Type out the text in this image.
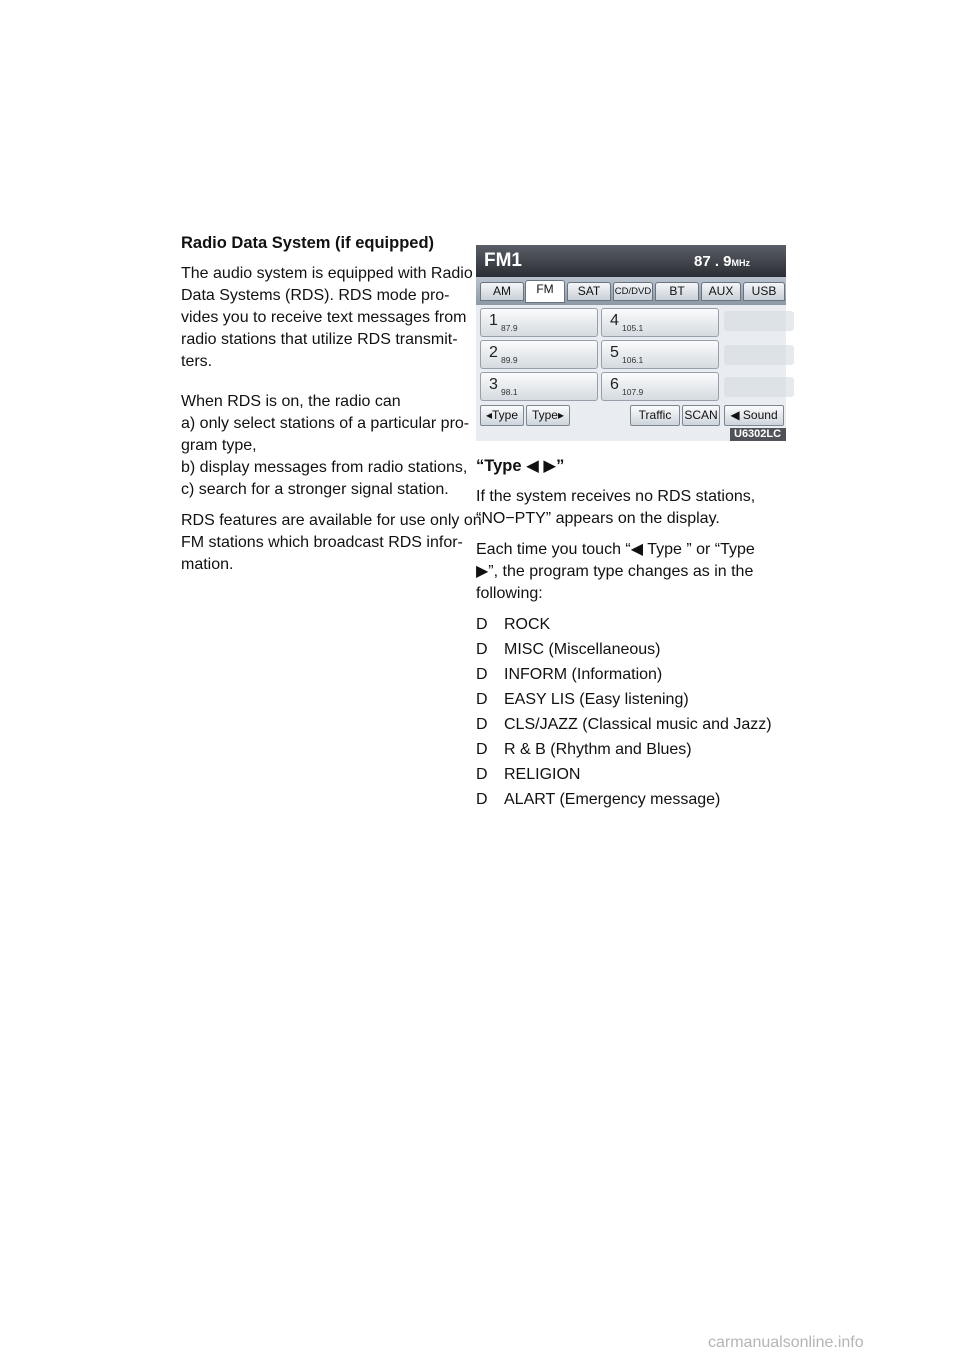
Radio Data System (if equipped)
The audio system is equipped with Radio
Data Systems (RDS). RDS mode pro-
vides you to receive text messages from
radio stations that utilize RDS transmit-
ters.
When RDS is on, the radio can
a) only select stations of a particular pro-
gram type,
b) display messages from radio stations,
c) search for a stronger signal station.
RDS features are available for use only on
FM stations which broadcast RDS infor-
mation.
FM1	87 . 9MHz
AM	FM	SAT	CD/DVD	BT	AUX	USB
1 87.9
2 89.9
3 98.1
4 105.1
5 106.1
6 107.9
◂Type	Type▸	Traffic	SCAN	◀ Sound
U6302LC
“Type ◀ ▶”
If the system receives no RDS stations,
“NO−PTY” appears on the display.
Each time you touch “◀ Type ” or “Type
▶”, the program type changes as in the
following:
D ROCK
D MISC (Miscellaneous)
D INFORM (Information)
D EASY LIS (Easy listening)
D CLS/JAZZ (Classical music and Jazz)
D R & B (Rhythm and Blues)
D RELIGION
D ALART (Emergency message)
carmanualsonline.info
